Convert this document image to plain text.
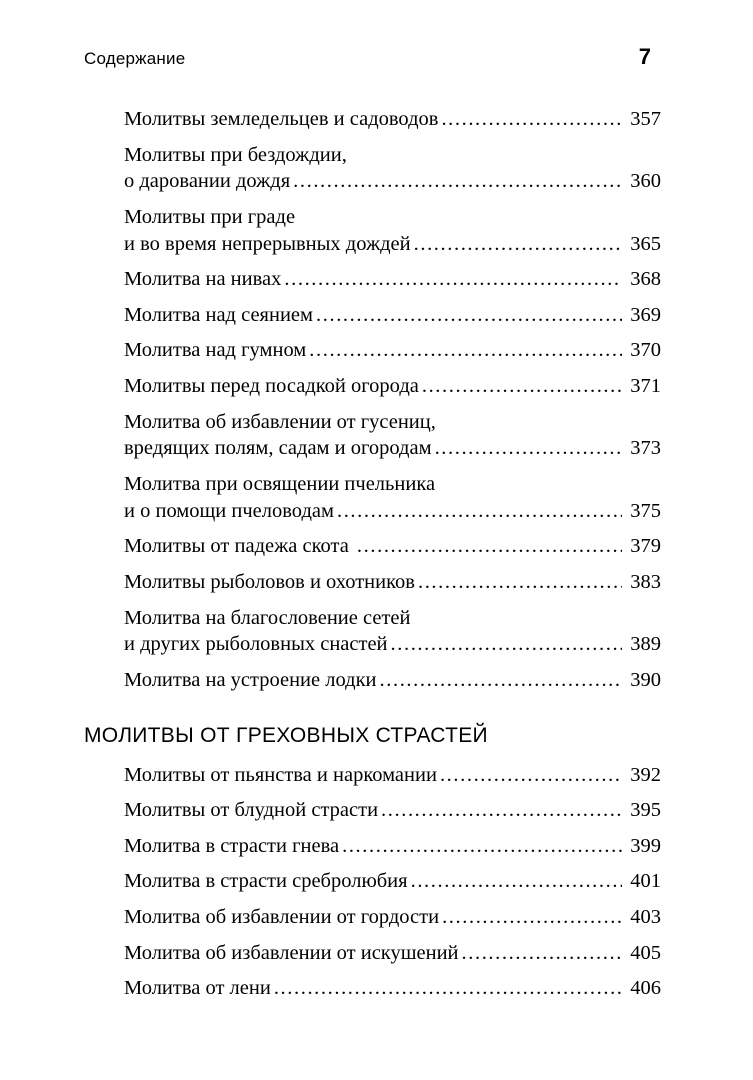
Содержание	7
Молитвы земледельцев и садоводов .....	357
Молитвы при бездождии,
о даровании дождя .....	360
Молитвы при граде
и во время непрерывных дождей .....	365
Молитва на нивах .....	368
Молитва над сеянием .....	369
Молитва над гумном .....	370
Молитвы перед посадкой огорода .....	371
Молитва об избавлении от гусениц,
вредящих полям, садам и огородам .....	373
Молитва при освящении пчельника
и о помощи пчеловодам .....	375
Молитвы от падежа скота .....	379
Молитвы рыболовов и охотников .....	383
Молитва на благословение сетей
и других рыболовных снастей .....	389
Молитва на устроение лодки .....	390
МОЛИТВЫ ОТ ГРЕХОВНЫХ СТРАСТЕЙ
Молитвы от пьянства и наркомании .....	392
Молитвы от блудной страсти .....	395
Молитва в страсти гнева .....	399
Молитва в страсти сребролюбия .....	401
Молитва об избавлении от гордости .....	403
Молитва об избавлении от искушений .....	405
Молитва от лени .....	406
